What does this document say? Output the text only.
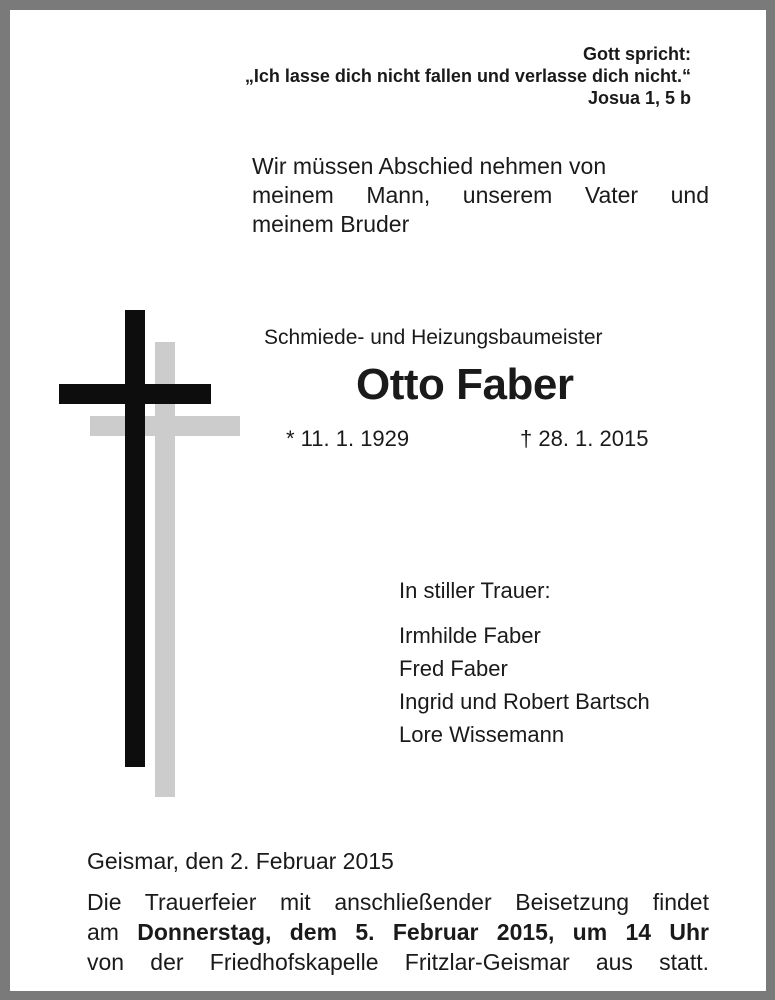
Gott spricht:
„Ich lasse dich nicht fallen und verlasse dich nicht.“
Josua 1, 5 b
Wir müssen Abschied nehmen von
meinem Mann, unserem Vater und
meinem Bruder
Schmiede- und Heizungsbaumeister
Otto Faber
* 11. 1. 1929	† 28. 1. 2015
In stiller Trauer:
Irmhilde Faber
Fred Faber
Ingrid und Robert Bartsch
Lore Wissemann
Geismar, den 2. Februar 2015
Die Trauerfeier mit anschließender Beisetzung findet
am Donnerstag, dem 5. Februar 2015, um 14 Uhr
von der Friedhofskapelle Fritzlar-Geismar aus statt.
